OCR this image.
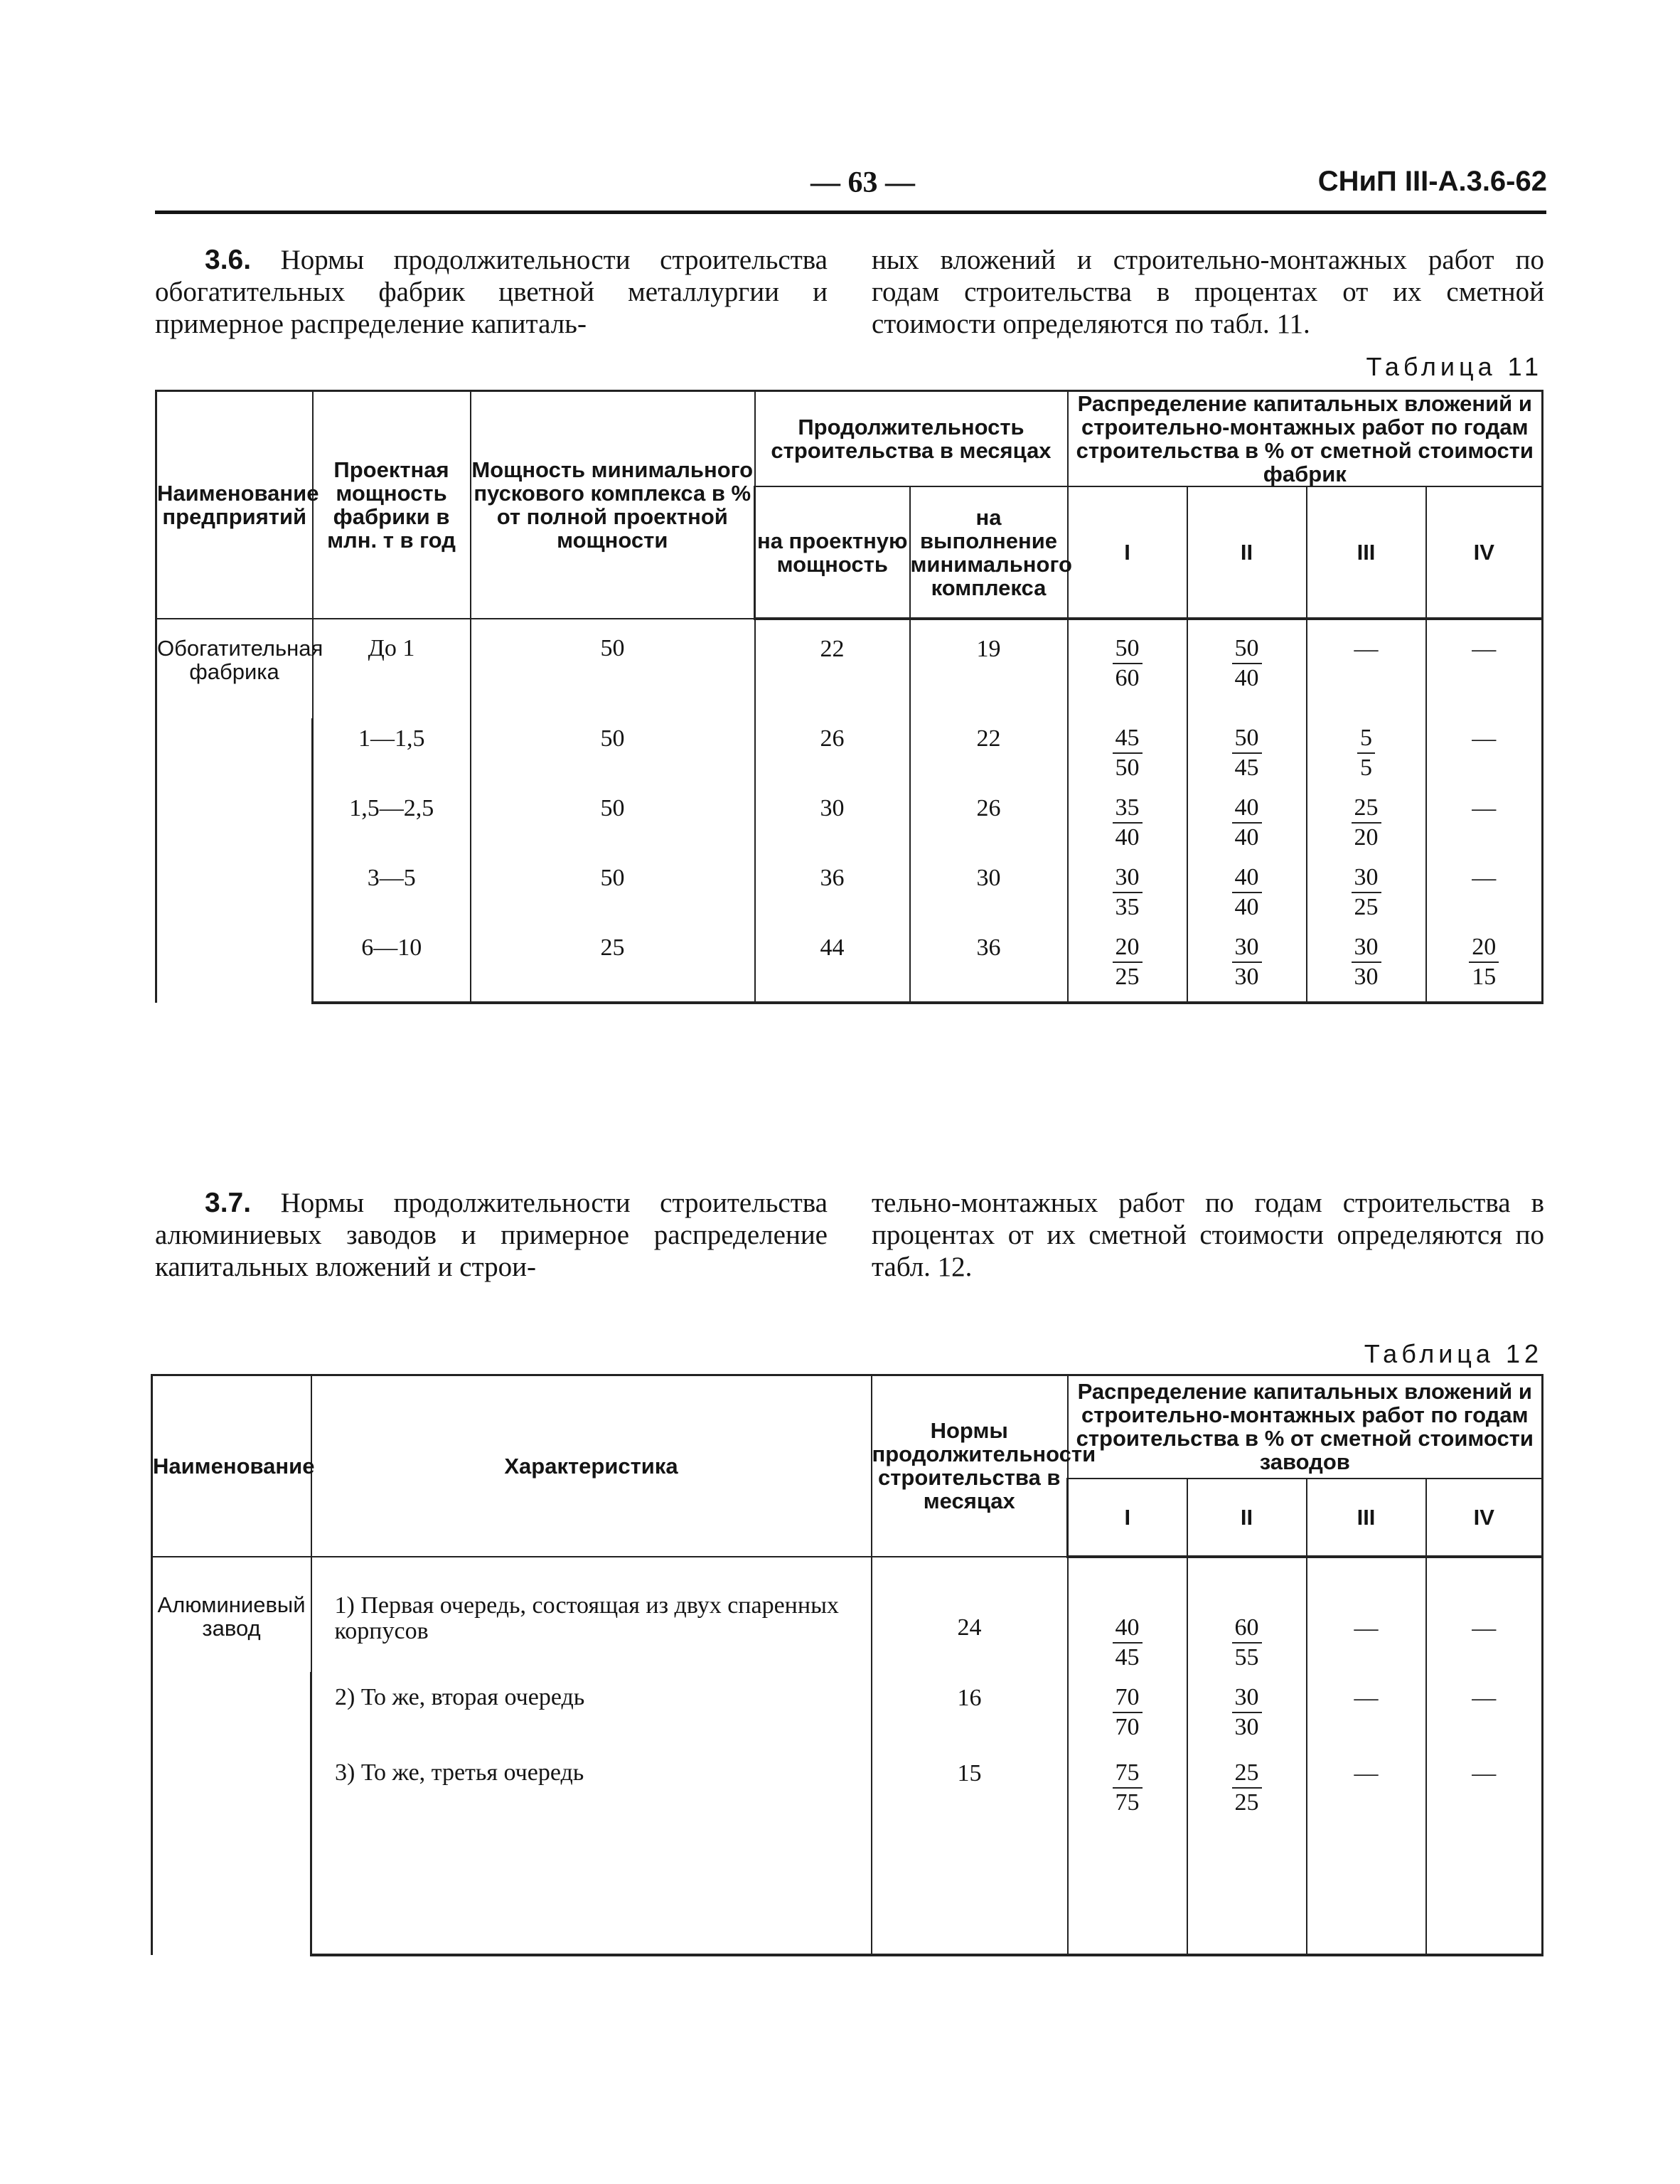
— 63 —	СНиП III-А.3.6-62
3.6. Нормы продолжительности строительства обогатительных фабрик цветной металлургии и примерное распределение капиталь-
ных вложений и строительно-монтажных работ по годам строительства в процентах от их сметной стоимости определяются по табл. 11.
Таблица 11
Наименование предприятий	Проектная мощность фабрики в млн. т в год	Мощность минимального пускового комплекса в % от полной проектной мощности	Продолжительность строительства в месяцах		Распределение капитальных вложений и строительно-монтажных работ по годам строительства в % от сметной стоимости фабрик			
			на проектную мощность	на выполнение минимального комплекса	I	II	III	IV
Обогатительная фабрика	До 1	50	22	19	$\frac{50}{60}$	$\frac{50}{40}$	—	—
	1—1,5	50	26	22	$\frac{45}{50}$	$\frac{50}{45}$	$\frac{5}{5}$	—
	1,5—2,5	50	30	26	$\frac{35}{40}$	$\frac{40}{40}$	$\frac{25}{20}$	—
	3—5	50	36	30	$\frac{30}{35}$	$\frac{40}{40}$	$\frac{30}{25}$	—
	6—10	25	44	36	$\frac{20}{25}$	$\frac{30}{30}$	$\frac{30}{30}$	$\frac{20}{15}$
3.7. Нормы продолжительности строительства алюминиевых заводов и примерное распределение капитальных вложений и строи-
тельно-монтажных работ по годам строительства в процентах от их сметной стоимости определяются по табл. 12.
Таблица 12
Наименование	Характеристика	Нормы продолжительности строительства в месяцах	Распределение капитальных вложений и строительно-монтажных работ по годам строительства в % от сметной стоимости заводов			
			I	II	III	IV
Алюминиевый завод	1) Первая очередь, состоящая из двух спаренных корпусов	24	$\frac{40}{45}$	$\frac{60}{55}$	—	—
	2) То же, вторая очередь	16	$\frac{70}{70}$	$\frac{30}{30}$	—	—
	3) То же, третья очередь	15	$\frac{75}{75}$	$\frac{25}{25}$	—	—
